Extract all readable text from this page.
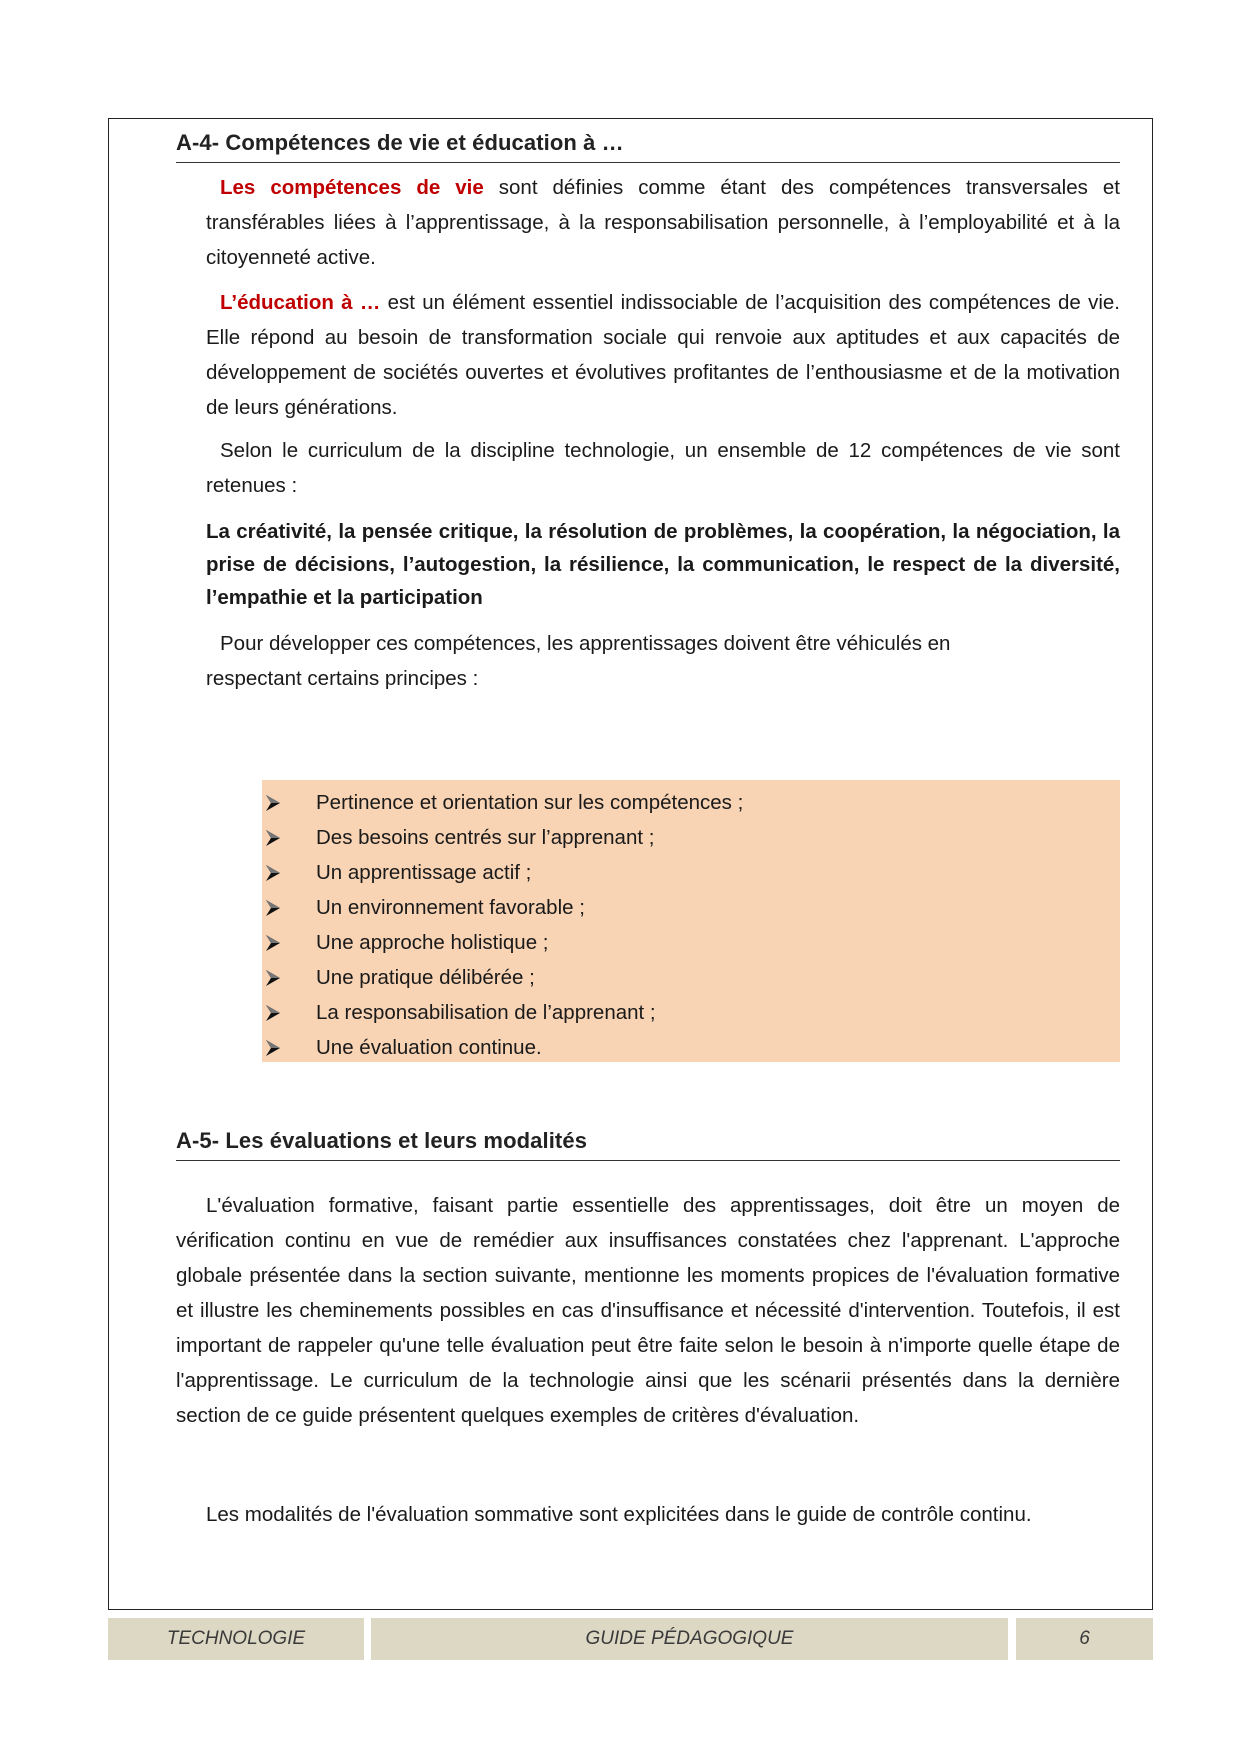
A-4- Compétences de vie et éducation à …

Les compétences de vie sont définies comme étant des compétences transversales et transférables liées à l’apprentissage, à la responsabilisation personnelle, à l’employabilité et à la citoyenneté active.

L’éducation à … est un élément essentiel indissociable de l’acquisition des compétences de vie. Elle répond au besoin de transformation sociale qui renvoie aux aptitudes et aux capacités de développement de sociétés ouvertes et évolutives profitantes de l’enthousiasme et de la motivation de leurs générations.

Selon le curriculum de la discipline technologie, un ensemble de 12 compétences de vie sont retenues :

La créativité, la pensée critique, la résolution de problèmes, la coopération, la négociation, la prise de décisions, l’autogestion, la résilience, la communication, le respect de la diversité, l’empathie et la participation

Pour développer ces compétences, les apprentissages doivent être véhiculés en
respectant certains principes :
Pertinence et orientation sur les compétences ;
Des besoins centrés sur l’apprenant ;
Un apprentissage actif ;
Un environnement favorable ;
Une approche holistique ;
Une pratique délibérée ;
La responsabilisation de l’apprenant ;
Une évaluation continue.
A-5- Les évaluations et leurs modalités

L'évaluation formative, faisant partie essentielle des apprentissages, doit être un moyen de vérification continu en vue de remédier aux insuffisances constatées chez l'apprenant. L'approche globale présentée dans la section suivante, mentionne les moments propices de l'évaluation formative et illustre les cheminements possibles en cas d'insuffisance et nécessité d'intervention. Toutefois, il est important de rappeler qu'une telle évaluation peut être faite selon le besoin à n'importe quelle étape de l'apprentissage. Le curriculum de la technologie ainsi que les scénarii présentés dans la dernière section de ce guide présentent quelques exemples de critères d'évaluation.

Les modalités de l'évaluation sommative sont explicitées dans le guide de contrôle continu.

TECHNOLOGIE	GUIDE PÉDAGOGIQUE	6
